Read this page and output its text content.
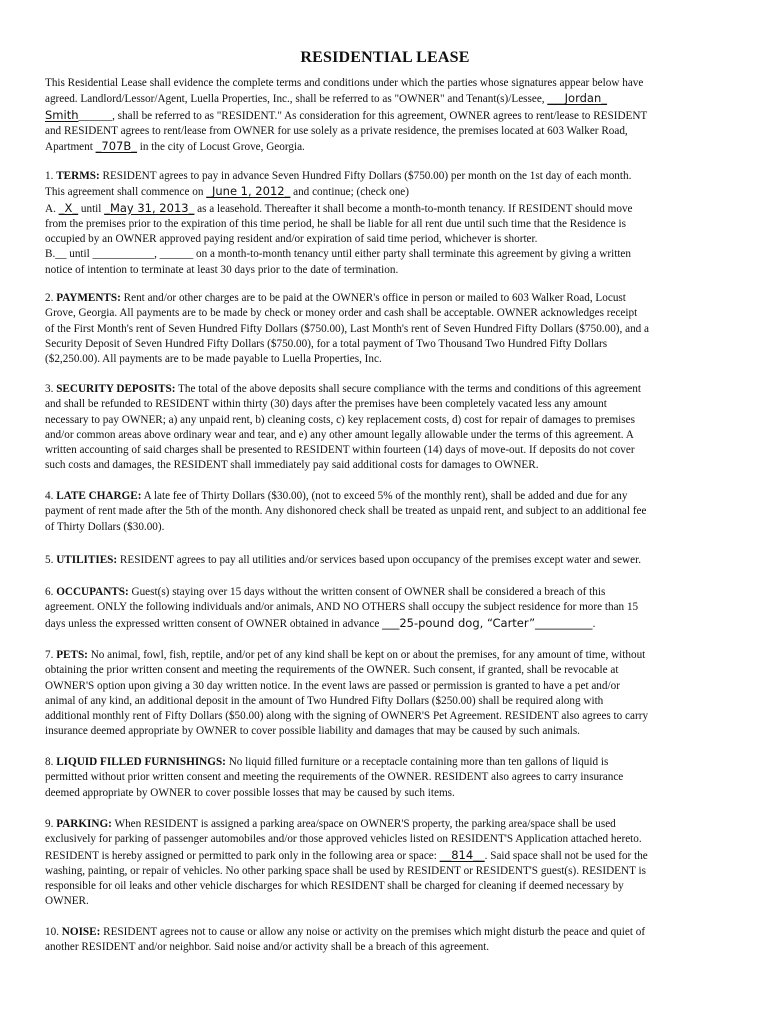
RESIDENTIAL LEASE
This Residential Lease shall evidence the complete terms and conditions under which the parties whose signatures appear below have
agreed. Landlord/Lessor/Agent, Luella Properties, Inc., shall be referred to as "OWNER" and Tenant(s)/Lessee, ___Jordan_
Smith______, shall be referred to as "RESIDENT." As consideration for this agreement, OWNER agrees to rent/lease to RESIDENT
and RESIDENT agrees to rent/lease from OWNER for use solely as a private residence, the premises located at 603 Walker Road,
Apartment _707B_ in the city of Locust Grove, Georgia.
1. TERMS: RESIDENT agrees to pay in advance Seven Hundred Fifty Dollars ($750.00) per month on the 1st day of each month.
This agreement shall commence on _June 1, 2012_ and continue; (check one)
A. _X_ until _May 31, 2013_ as a leasehold. Thereafter it shall become a month-to-month tenancy. If RESIDENT should move
from the premises prior to the expiration of this time period, he shall be liable for all rent due until such time that the Residence is
occupied by an OWNER approved paying resident and/or expiration of said time period, whichever is shorter.
B.__ until ___________, ______ on a month-to-month tenancy until either party shall terminate this agreement by giving a written
notice of intention to terminate at least 30 days prior to the date of termination.
2. PAYMENTS: Rent and/or other charges are to be paid at the OWNER's office in person or mailed to 603 Walker Road, Locust
Grove, Georgia. All payments are to be made by check or money order and cash shall be acceptable. OWNER acknowledges receipt
of the First Month's rent of Seven Hundred Fifty Dollars ($750.00), Last Month's rent of Seven Hundred Fifty Dollars ($750.00), and a
Security Deposit of Seven Hundred Fifty Dollars ($750.00), for a total payment of Two Thousand Two Hundred Fifty Dollars
($2,250.00). All payments are to be made payable to Luella Properties, Inc.
3. SECURITY DEPOSITS: The total of the above deposits shall secure compliance with the terms and conditions of this agreement
and shall be refunded to RESIDENT within thirty (30) days after the premises have been completely vacated less any amount
necessary to pay OWNER; a) any unpaid rent, b) cleaning costs, c) key replacement costs, d) cost for repair of damages to premises
and/or common areas above ordinary wear and tear, and e) any other amount legally allowable under the terms of this agreement. A
written accounting of said charges shall be presented to RESIDENT within fourteen (14) days of move-out. If deposits do not cover
such costs and damages, the RESIDENT shall immediately pay said additional costs for damages to OWNER.
4. LATE CHARGE: A late fee of Thirty Dollars ($30.00), (not to exceed 5% of the monthly rent), shall be added and due for any
payment of rent made after the 5th of the month. Any dishonored check shall be treated as unpaid rent, and subject to an additional fee
of Thirty Dollars ($30.00).
5. UTILITIES: RESIDENT agrees to pay all utilities and/or services based upon occupancy of the premises except water and sewer.
6. OCCUPANTS: Guest(s) staying over 15 days without the written consent of OWNER shall be considered a breach of this
agreement. ONLY the following individuals and/or animals, AND NO OTHERS shall occupy the subject residence for more than 15
days unless the expressed written consent of OWNER obtained in advance ___25-pound dog, “Carter”__________.
7. PETS: No animal, fowl, fish, reptile, and/or pet of any kind shall be kept on or about the premises, for any amount of time, without
obtaining the prior written consent and meeting the requirements of the OWNER. Such consent, if granted, shall be revocable at
OWNER'S option upon giving a 30 day written notice. In the event laws are passed or permission is granted to have a pet and/or
animal of any kind, an additional deposit in the amount of Two Hundred Fifty Dollars ($250.00) shall be required along with
additional monthly rent of Fifty Dollars ($50.00) along with the signing of OWNER'S Pet Agreement. RESIDENT also agrees to carry
insurance deemed appropriate by OWNER to cover possible liability and damages that may be caused by such animals.
8. LIQUID FILLED FURNISHINGS: No liquid filled furniture or a receptacle containing more than ten gallons of liquid is
permitted without prior written consent and meeting the requirements of the OWNER. RESIDENT also agrees to carry insurance
deemed appropriate by OWNER to cover possible losses that may be caused by such items.
9. PARKING: When RESIDENT is assigned a parking area/space on OWNER'S property, the parking area/space shall be used
exclusively for parking of passenger automobiles and/or those approved vehicles listed on RESIDENT'S Application attached hereto.
RESIDENT is hereby assigned or permitted to park only in the following area or space: __814__. Said space shall not be used for the
washing, painting, or repair of vehicles. No other parking space shall be used by RESIDENT or RESIDENT'S guest(s). RESIDENT is
responsible for oil leaks and other vehicle discharges for which RESIDENT shall be charged for cleaning if deemed necessary by
OWNER.
10. NOISE: RESIDENT agrees not to cause or allow any noise or activity on the premises which might disturb the peace and quiet of
another RESIDENT and/or neighbor. Said noise and/or activity shall be a breach of this agreement.
